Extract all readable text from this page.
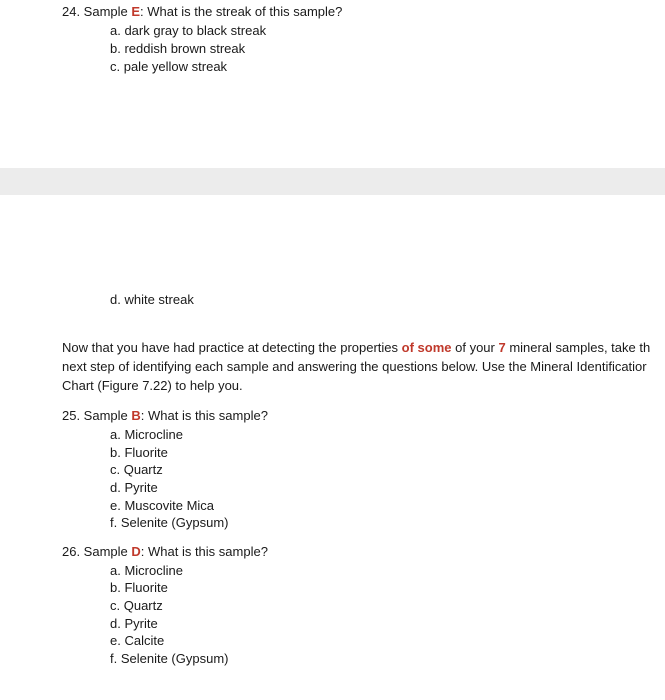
24. Sample E: What is the streak of this sample?
a. dark gray to black streak
b. reddish brown streak
c. pale yellow streak
d. white streak
Now that you have had practice at detecting the properties of some of your 7 mineral samples, take th
next step of identifying each sample and answering the questions below. Use the Mineral Identificatior
Chart (Figure 7.22) to help you.
25. Sample B: What is this sample?
a. Microcline
b. Fluorite
c. Quartz
d. Pyrite
e. Muscovite Mica
f. Selenite (Gypsum)
26. Sample D: What is this sample?
a. Microcline
b. Fluorite
c. Quartz
d. Pyrite
e. Calcite
f. Selenite (Gypsum)
